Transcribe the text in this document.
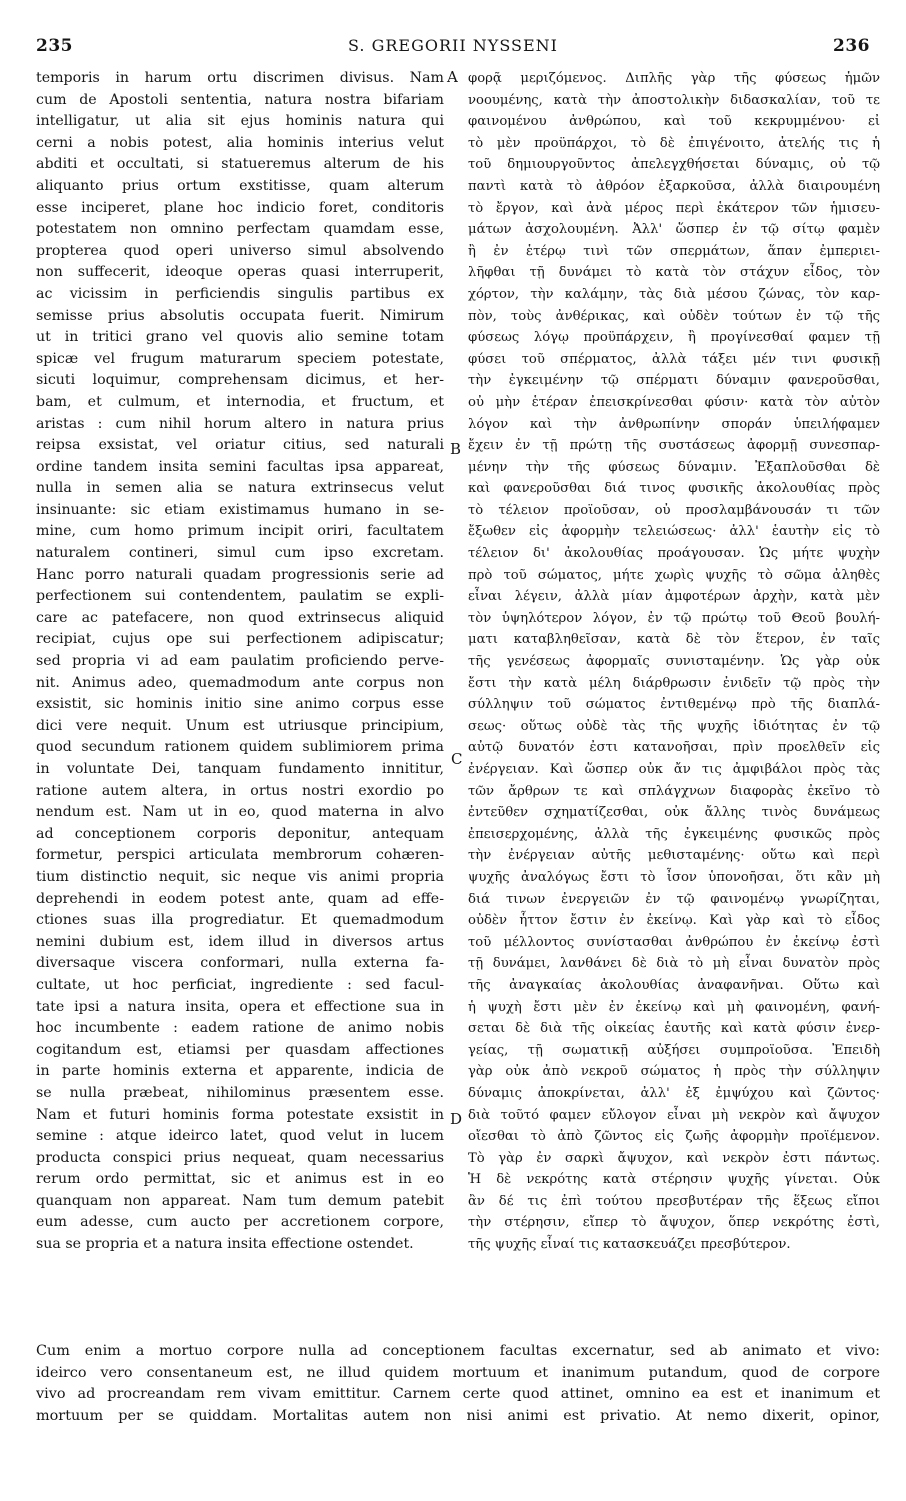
235	S. GREGORII NYSSENI	236
temporis in harum ortu discrimen divisus. Nam
cum de Apostoli sententia, natura nostra bifariam
intelligatur, ut alia sit ejus hominis natura qui
cerni a nobis potest, alia hominis interius velut
abditi et occultati, si statueremus alterum de his
aliquanto prius ortum exstitisse, quam alterum
esse inciperet, plane hoc indicio foret, conditoris
potestatem non omnino perfectam quamdam esse,
propterea quod operi universo simul absolvendo
non suffecerit, ideoque operas quasi interruperit,
ac vicissim in perficiendis singulis partibus ex
semisse prius absolutis occupata fuerit. Nimirum
ut in tritici grano vel quovis alio semine totam
spicæ vel frugum maturarum speciem potestate,
sicuti loquimur, comprehensam dicimus, et her-
bam, et culmum, et internodia, et fructum, et
aristas : cum nihil horum altero in natura prius
reipsa exsistat, vel oriatur citius, sed naturali
ordine tandem insita semini facultas ipsa appareat,
nulla in semen alia se natura extrinsecus velut
insinuante: sic etiam existimamus humano in se-
mine, cum homo primum incipit oriri, facultatem
naturalem contineri, simul cum ipso excretam.
Hanc porro naturali quadam progressionis serie ad
perfectionem sui contendentem, paulatim se expli-
care ac patefacere, non quod extrinsecus aliquid
recipiat, cujus ope sui perfectionem adipiscatur;
sed propria vi ad eam paulatim proficiendo perve-
nit. Animus adeo, quemadmodum ante corpus non
exsistit, sic hominis initio sine animo corpus esse
dici vere nequit. Unum est utriusque principium,
quod secundum rationem quidem sublimiorem prima
in voluntate Dei, tanquam fundamento innititur,
ratione autem altera, in ortus nostri exordio po
nendum est. Nam ut in eo, quod materna in alvo
ad conceptionem corporis deponitur, antequam
formetur, perspici articulata membrorum cohæren-
tium distinctio nequit, sic neque vis animi propria
deprehendi in eodem potest ante, quam ad effe-
ctiones suas illa progrediatur. Et quemadmodum
nemini dubium est, idem illud in diversos artus
diversaque viscera conformari, nulla externa fa-
cultate, ut hoc perficiat, ingrediente : sed facul-
tate ipsi a natura insita, opera et effectione sua in
hoc incumbente : eadem ratione de animo nobis
cogitandum est, etiamsi per quasdam affectiones
in parte hominis externa et apparente, indicia de
se nulla præbeat, nihilominus præsentem esse.
Nam et futuri hominis forma potestate exsistit in
semine : atque ideirco latet, quod velut in lucem
producta conspici prius nequeat, quam necessarius
rerum ordo permittat, sic et animus est in eo
quanquam non appareat. Nam tum demum patebit
eum adesse, cum aucto per accretionem corpore,
sua se propria et a natura insita effectione ostendet.
φορᾷ μεριζόμενος. Διπλῆς γὰρ τῆς φύσεως ἡμῶν
νοουμένης, κατὰ τὴν ἀποστολικὴν διδασκαλίαν, τοῦ τε
φαινομένου ἀνθρώπου, καὶ τοῦ κεκρυμμένου· εἰ
τὸ μὲν προϋπάρχοι, τὸ δὲ ἐπιγένοιτο, ἀτελής τις ἡ
τοῦ δημιουργοῦντος ἀπελεγχθήσεται δύναμις, οὐ τῷ
παντὶ κατὰ τὸ ἀθρόον ἐξαρκοῦσα, ἀλλὰ διαιρουμένη
τὸ ἔργον, καὶ ἀνὰ μέρος περὶ ἑκάτερον τῶν ἡμισευ-
μάτων ἀσχολουμένη. Ἀλλ' ὥσπερ ἐν τῷ σίτῳ φαμὲν
ἢ ἐν ἑτέρῳ τινὶ τῶν σπερμάτων, ἅπαν ἐμπεριει-
λῆφθαι τῇ δυνάμει τὸ κατὰ τὸν στάχυν εἶδος, τὸν
χόρτον, τὴν καλάμην, τὰς διὰ μέσου ζώνας, τὸν καρ-
πὸν, τοὺς ἀνθέρικας, καὶ οὐδὲν τούτων ἐν τῷ τῆς
φύσεως λόγῳ προϋπάρχειν, ἢ προγίνεσθαί φαμεν τῇ
φύσει τοῦ σπέρματος, ἀλλὰ τάξει μέν τινι φυσικῇ
τὴν ἐγκειμένην τῷ σπέρματι δύναμιν φανεροῦσθαι,
οὐ μὴν ἑτέραν ἐπεισκρίνεσθαι φύσιν· κατὰ τὸν αὐτὸν
λόγον καὶ τὴν ἀνθρωπίνην σποράν ὑπειλήφαμεν
ἔχειν ἐν τῇ πρώτῃ τῆς συστάσεως ἀφορμῇ συνεσπαρ-
μένην τὴν τῆς φύσεως δύναμιν. Ἐξαπλοῦσθαι δὲ
καὶ φανεροῦσθαι διά τινος φυσικῆς ἀκολουθίας πρὸς
τὸ τέλειον προϊοῦσαν, οὐ προσλαμβάνουσάν τι τῶν
ἔξωθεν εἰς ἀφορμὴν τελειώσεως· ἀλλ' ἑαυτὴν εἰς τὸ
τέλειον δι' ἀκολουθίας προάγουσαν. Ὡς μήτε ψυχὴν
πρὸ τοῦ σώματος, μήτε χωρὶς ψυχῆς τὸ σῶμα ἀληθὲς
εἶναι λέγειν, ἀλλὰ μίαν ἀμφοτέρων ἀρχὴν, κατὰ μὲν
τὸν ὑψηλότερον λόγον, ἐν τῷ πρώτῳ τοῦ Θεοῦ βουλή-
ματι καταβληθεῖσαν, κατὰ δὲ τὸν ἕτερον, ἐν ταῖς
τῆς γενέσεως ἀφορμαῖς συνισταμένην. Ὡς γὰρ οὐκ
ἔστι τὴν κατὰ μέλη διάρθρωσιν ἐνιδεῖν τῷ πρὸς τὴν
σύλληψιν τοῦ σώματος ἐντιθεμένῳ πρὸ τῆς διαπλά-
σεως· οὕτως οὐδὲ τὰς τῆς ψυχῆς ἰδιότητας ἐν τῷ
αὐτῷ δυνατόν ἐστι κατανοῆσαι, πρὶν προελθεῖν εἰς
ἐνέργειαν. Καὶ ὥσπερ οὐκ ἄν τις ἀμφιβάλοι πρὸς τὰς
τῶν ἄρθρων τε καὶ σπλάγχνων διαφορὰς ἐκεῖνο τὸ
ἐντεῦθεν σχηματίζεσθαι, οὐκ ἄλλης τινὸς δυνάμεως
ἐπεισερχομένης, ἀλλὰ τῆς ἐγκειμένης φυσικῶς πρὸς
τὴν ἐνέργειαν αὐτῆς μεθισταμένης· οὕτω καὶ περὶ
ψυχῆς ἀναλόγως ἔστι τὸ ἶσον ὑπονοῆσαι, ὅτι κἂν μὴ
διά τινων ἐνεργειῶν ἐν τῷ φαινομένῳ γνωρίζηται,
οὐδὲν ἧττον ἔστιν ἐν ἐκείνῳ. Καὶ γὰρ καὶ τὸ εἶδος
τοῦ μέλλοντος συνίστασθαι ἀνθρώπου ἐν ἐκείνῳ ἐστὶ
τῇ δυνάμει, λανθάνει δὲ διὰ τὸ μὴ εἶναι δυνατὸν πρὸς
τῆς ἀναγκαίας ἀκολουθίας ἀναφανῆναι. Οὕτω καὶ
ἡ ψυχὴ ἔστι μὲν ἐν ἐκείνῳ καὶ μὴ φαινομένη, φανή-
σεται δὲ διὰ τῆς οἰκείας ἑαυτῆς καὶ κατὰ φύσιν ἐνερ-
γείας, τῇ σωματικῇ αὐξήσει συμπροϊοῦσα. Ἐπειδὴ
γὰρ οὐκ ἀπὸ νεκροῦ σώματος ἡ πρὸς τὴν σύλληψιν
δύναμις ἀποκρίνεται, ἀλλ' ἐξ ἐμψύχου καὶ ζῶντος·
διὰ τοῦτό φαμεν εὔλογον εἶναι μὴ νεκρὸν καὶ ἄψυχον
οἴεσθαι τὸ ἀπὸ ζῶντος εἰς ζωῆς ἀφορμὴν προϊέμενον.
Τὸ γὰρ ἐν σαρκὶ ἄψυχον, καὶ νεκρὸν ἐστι πάντως.
Ἡ δὲ νεκρότης κατὰ στέρησιν ψυχῆς γίνεται. Οὐκ
ἂν δέ τις ἐπὶ τούτου πρεσβυτέραν τῆς ἕξεως εἴποι
τὴν στέρησιν, εἴπερ τὸ ἄψυχον, ὅπερ νεκρότης ἐστὶ,
τῆς ψυχῆς εἶναί τις κατασκευάζει πρεσβύτερον.
A
B
C
D
Cum enim a mortuo corpore nulla ad conceptionem facultas excernatur, sed ab animato et vivo:
ideirco vero consentaneum est, ne illud quidem mortuum et inanimum putandum, quod de corpore
vivo ad procreandam rem vivam emittitur. Carnem certe quod attinet, omnino ea est et inanimum et
mortuum per se quiddam. Mortalitas autem non nisi animi est privatio. At nemo dixerit, opinor,
